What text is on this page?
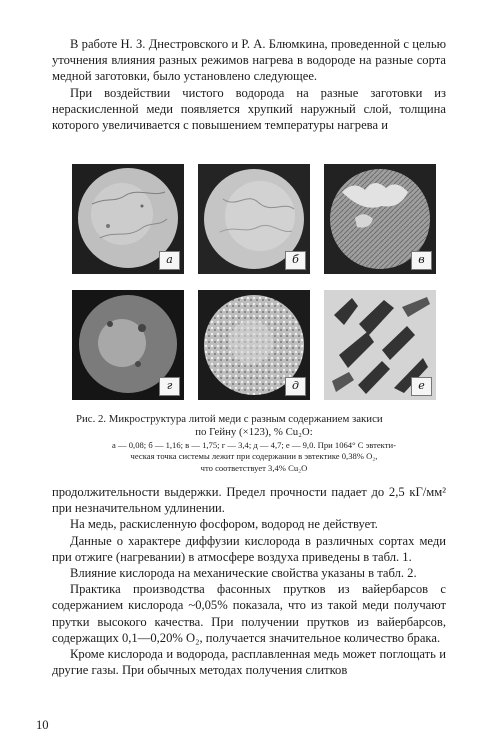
В работе Н. З. Днестровского и Р. А. Блюмкина, проведенной с целью уточнения влияния разных режимов нагрева в водороде на разные сорта медной заготовки, было установлено следующее.

При воздействии чистого водорода на разные заготовки из нераскисленной меди появляется хрупкий наружный слой, толщина которого увеличивается с повышением температуры нагрева и

а	б	в
г	д	е
Рис. 2. Микроструктура литой меди с разным содержанием закиси
по Гейну (×123), % Cu₂O:
а — 0,08; б — 1,16; в — 1,75; г — 3,4; д — 4,7; е — 9,0. При 1064° С эвтекти-
ческая точка системы лежит при содержании в эвтектике 0,38% O₂,
что соответствует 3,4% Cu₂O

продолжительности выдержки. Предел прочности падает до 2,5 кГ/мм² при незначительном удлинении.

На медь, раскисленную фосфором, водород не действует.

Данные о характере диффузии кислорода в различных сортах меди при отжиге (нагревании) в атмосфере воздуха приведены в табл. 1.

Влияние кислорода на механические свойства указаны в табл. 2.

Практика производства фасонных прутков из вайербарсов с содержанием кислорода ~0,05% показала, что из такой меди получают прутки высокого качества. При получении прутков из вайербарсов, содержащих 0,1—0,20% O₂, получается значительное количество брака.

Кроме кислорода и водорода, расплавленная медь может поглощать и другие газы. При обычных методах получения слитков

10
